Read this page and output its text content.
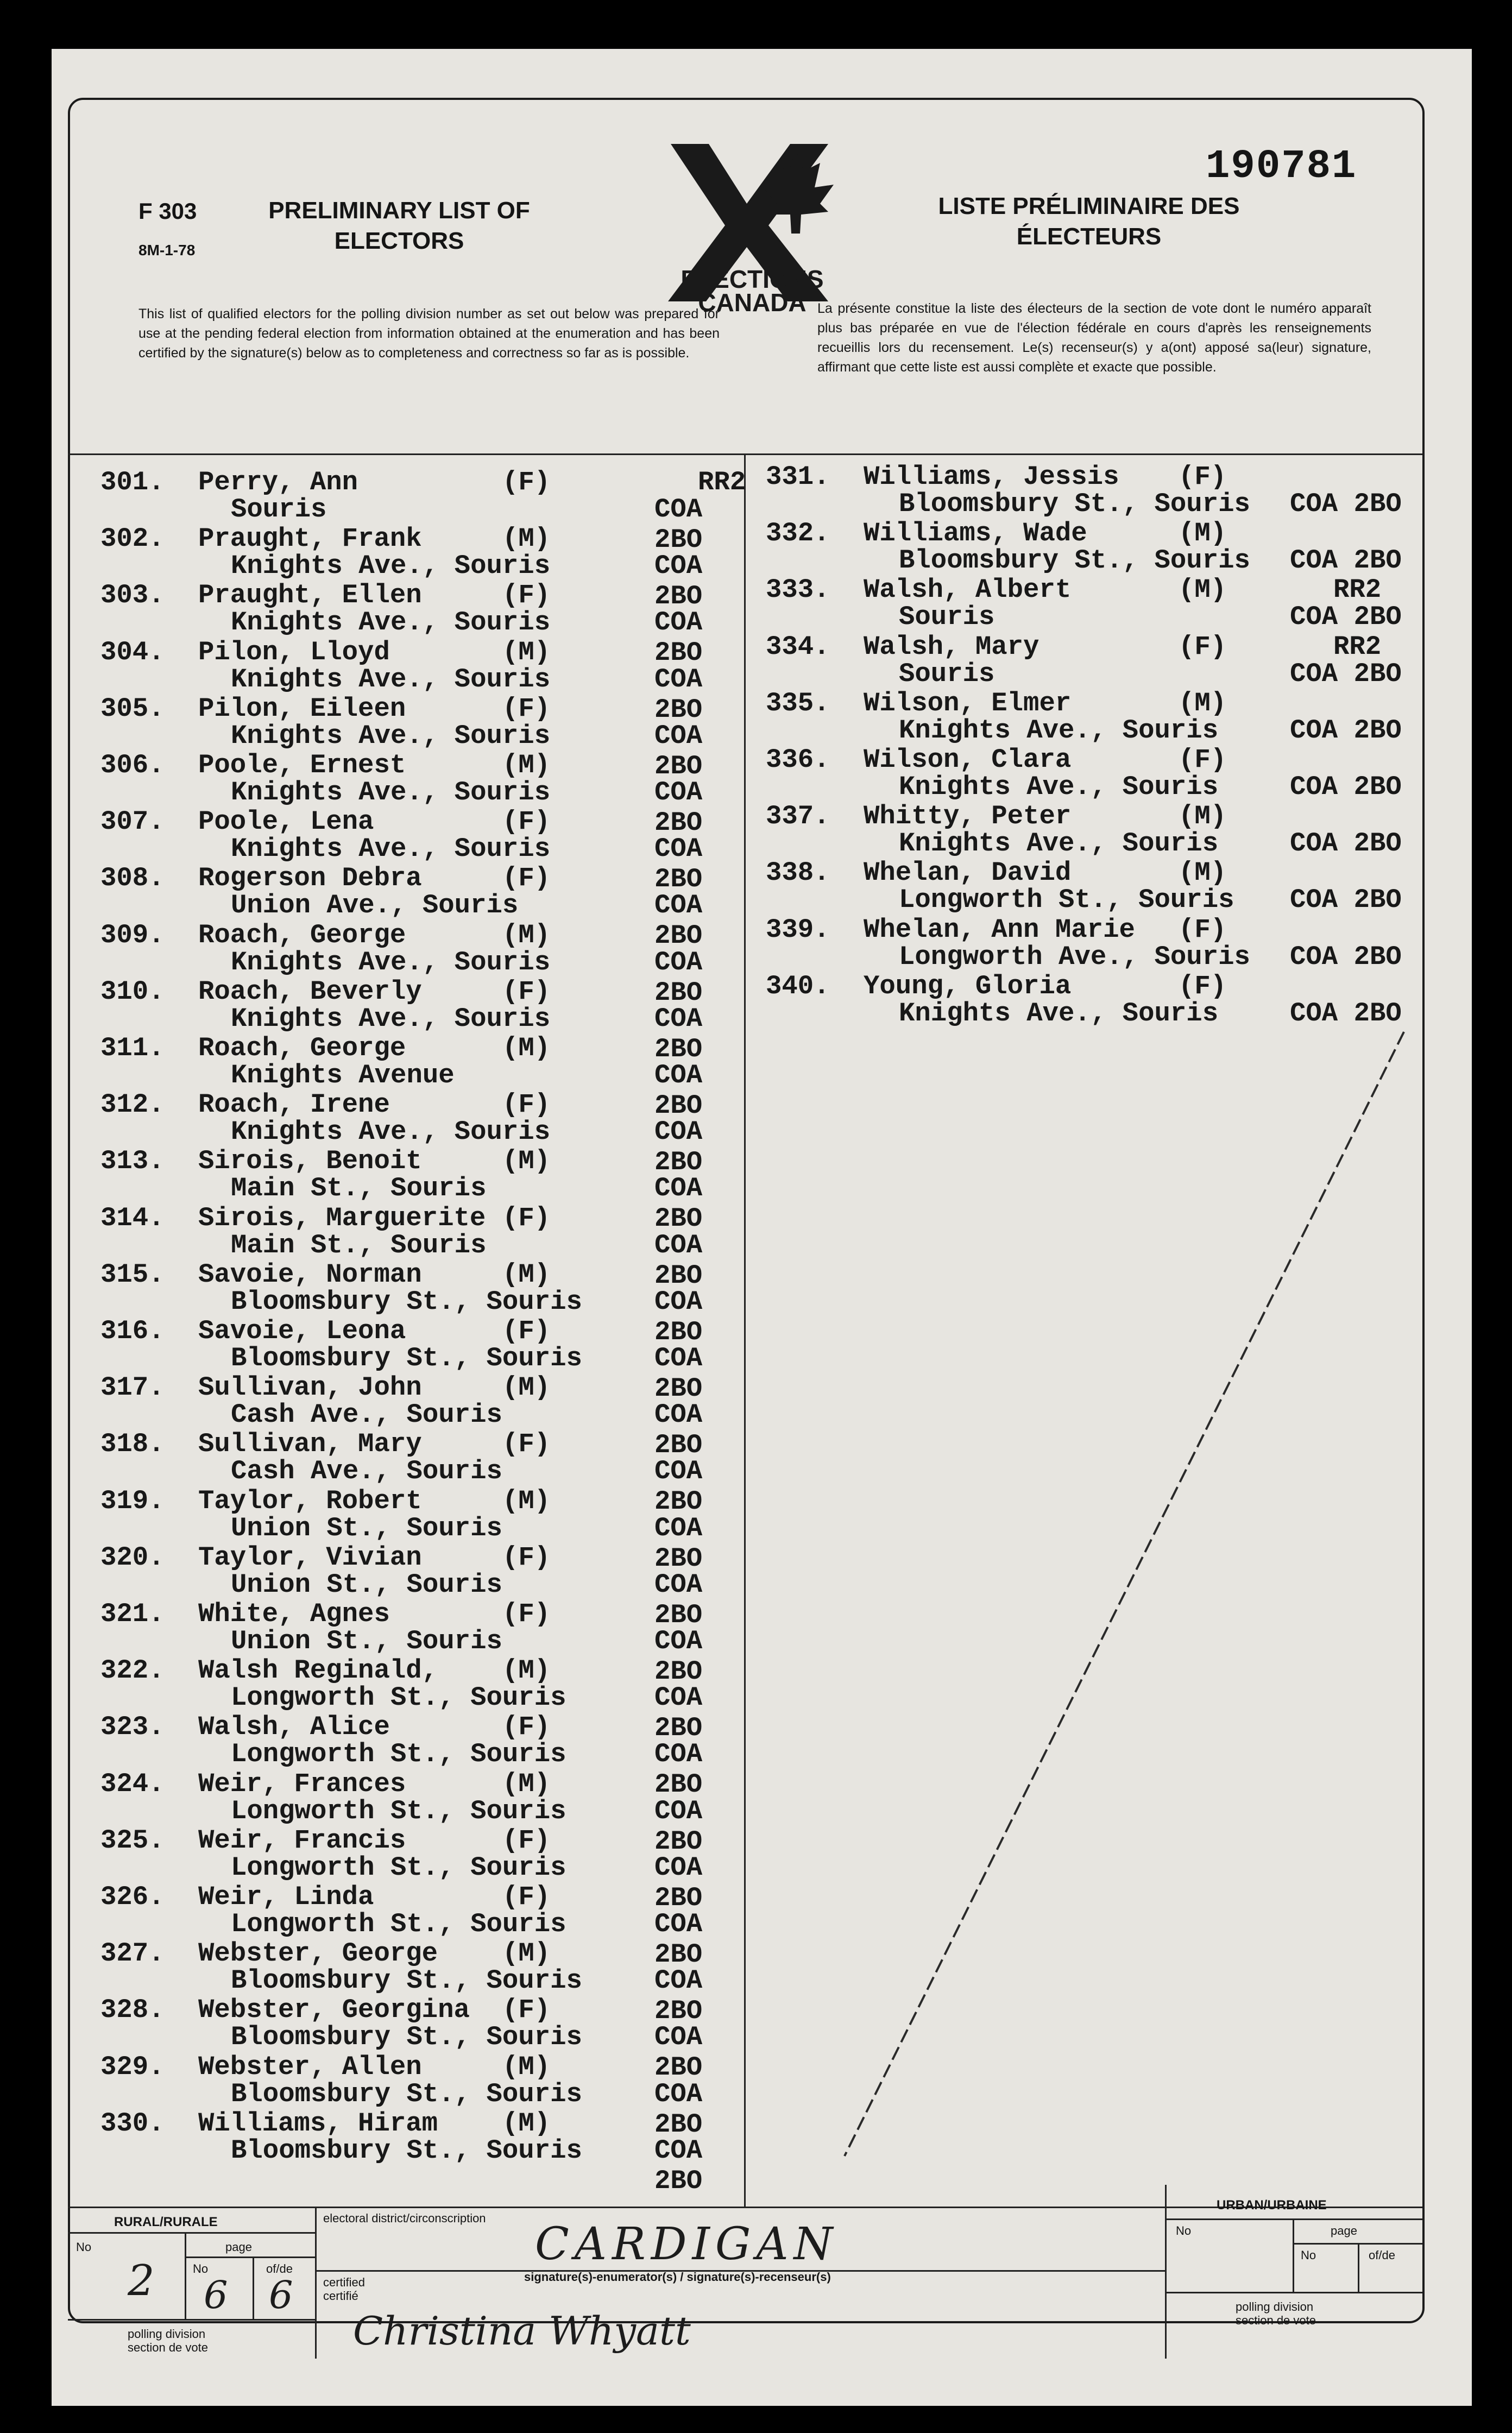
190781
F 303
8M-1-78
PRELIMINARY LIST OF ELECTORS
LISTE PRÉLIMINAIRE DES ÉLECTEURS
ELECTIONS
CANADA
This list of qualified electors for the polling division number as set out below was prepared for use at the pending federal election from information obtained at the enumeration and has been certified by the signature(s) below as to completeness and correctness so far as is possible.
La présente constitue la liste des électeurs de la section de vote dont le numéro apparaît plus bas préparée en vue de l'élection fédérale en cours d'après les renseignements recueillis lors du recensement. Le(s) recenseur(s) y a(ont) apposé sa(leur) signature, affirmant que cette liste est aussi complète et exacte que possible.
301. Perry, Ann	(F)	RR2
Souris	COA 2BO
302. Praught, Frank	(M)
Knights Ave., Souris	COA 2BO
303. Praught, Ellen	(F)
Knights Ave., Souris	COA 2BO
304. Pilon, Lloyd	(M)
Knights Ave., Souris	COA 2BO
305. Pilon, Eileen	(F)
Knights Ave., Souris	COA 2BO
306. Poole, Ernest	(M)
Knights Ave., Souris	COA 2BO
307. Poole, Lena	(F)
Knights Ave., Souris	COA 2BO
308. Rogerson Debra	(F)
Union Ave., Souris	COA 2BO
309. Roach, George	(M)
Knights Ave., Souris	COA 2BO
310. Roach, Beverly	(F)
Knights Ave., Souris	COA 2BO
311. Roach, George	(M)
Knights Avenue	COA 2BO
312. Roach, Irene	(F)
Knights Ave., Souris	COA 2BO
313. Sirois, Benoit	(M)
Main St., Souris	COA 2BO
314. Sirois, Marguerite (F)
Main St., Souris	COA 2BO
315. Savoie, Norman	(M)
Bloomsbury St., Souris	COA 2BO
316. Savoie, Leona	(F)
Bloomsbury St., Souris	COA 2BO
317. Sullivan, John	(M)
Cash Ave., Souris	COA 2BO
318. Sullivan, Mary	(F)
Cash Ave., Souris	COA 2BO
319. Taylor, Robert	(M)
Union St., Souris	COA 2BO
320. Taylor, Vivian	(F)
Union St., Souris	COA 2BO
321. White, Agnes	(F)
Union St., Souris	COA 2BO
322. Walsh Reginald, (M)
Longworth St., Souris	COA 2BO
323. Walsh, Alice	(F)
Longworth St., Souris	COA 2BO
324. Weir, Frances	(M)
Longworth St., Souris	COA 2BO
325. Weir, Francis	(F)
Longworth St., Souris	COA 2BO
326. Weir, Linda	(F)
Longworth St., Souris	COA 2BO
327. Webster, George (M)
Bloomsbury St., Souris	COA 2BO
328. Webster, Georgina (F)
Bloomsbury St., Souris	COA 2BO
329. Webster, Allen	(M)
Bloomsbury St., Souris	COA 2BO
330. Williams, Hiram (M)
Bloomsbury St., Souris	COA 2BO
331. Williams, Jessis (F)
Bloomsbury St., Souris COA 2BO
332. Williams, Wade	(M)
Bloomsbury St., Souris COA 2BO
333. Walsh, Albert	(M)	RR2
Souris	COA 2BO
334. Walsh, Mary	(F)	RR2
Souris	COA 2BO
335. Wilson, Elmer	(M)
Knights Ave., Souris	COA 2BO
336. Wilson, Clara	(F)
Knights Ave., Souris	COA 2BO
337. Whitty, Peter	(M)
Knights Ave., Souris	COA 2BO
338. Whelan, David	(M)
Longworth St., Souris COA 2BO
339. Whelan, Ann Marie (F)
Longworth Ave., Souris COA 2BO
340. Young, Gloria	(F)
Knights Ave., Souris	COA 2BO
RURAL/RURALE
URBAN/URBAINE
No	page
No	of/de
polling division
section de vote
2 6 6
electoral district/circonscription
CARDIGAN
certified
certifié
signature(s)-enumerator(s) / signature(s)-recenseur(s)
Christina Whyatt
No	page
No	of/de
polling division
section de vote
